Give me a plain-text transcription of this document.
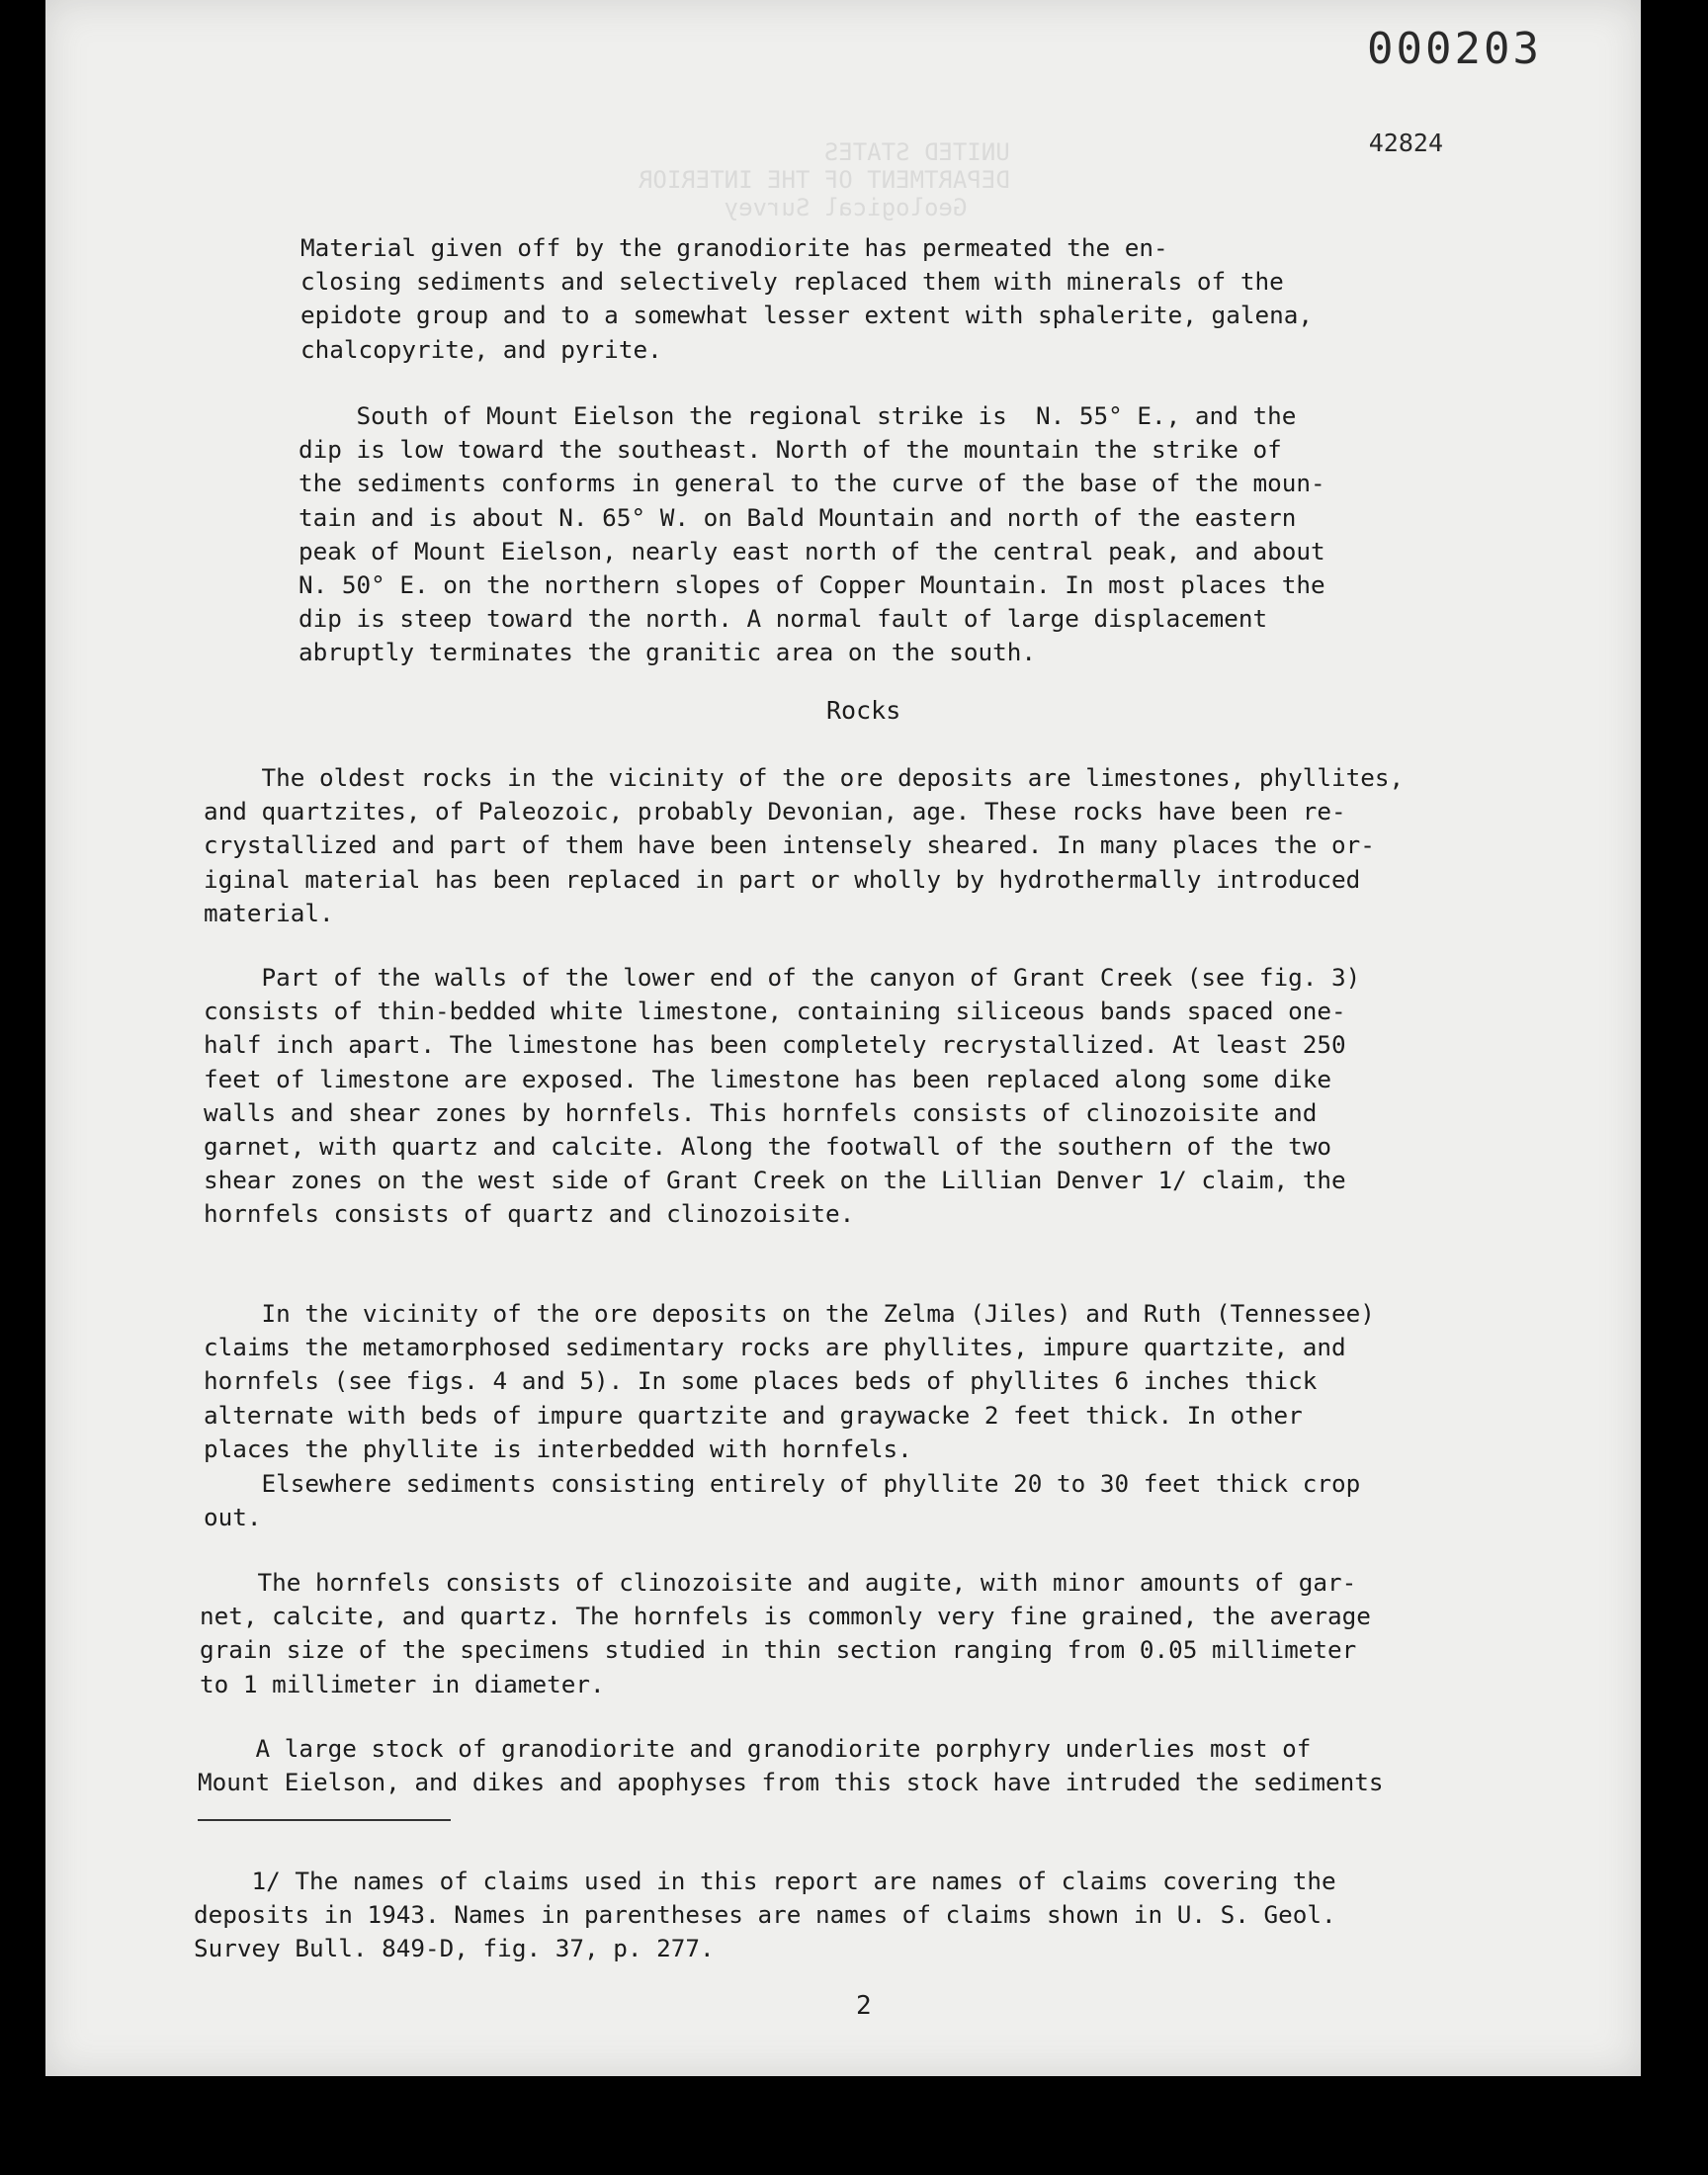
UNITED STATES
DEPARTMENT OF THE INTERIOR
Geological Survey
000203
42824

Material given off by the granodiorite has permeated the en-
closing sediments and selectively replaced them with minerals of the
epidote group and to a somewhat lesser extent with sphalerite, galena,
chalcopyrite, and pyrite.

South of Mount Eielson the regional strike is  N. 55° E., and the
dip is low toward the southeast. North of the mountain the strike of
the sediments conforms in general to the curve of the base of the moun-
tain and is about N. 65° W. on Bald Mountain and north of the eastern
peak of Mount Eielson, nearly east north of the central peak, and about
N. 50° E. on the northern slopes of Copper Mountain. In most places the
dip is steep toward the north. A normal fault of large displacement
abruptly terminates the granitic area on the south.

Rocks

The oldest rocks in the vicinity of the ore deposits are limestones, phyllites,
and quartzites, of Paleozoic, probably Devonian, age. These rocks have been re-
crystallized and part of them have been intensely sheared. In many places the or-
iginal material has been replaced in part or wholly by hydrothermally introduced
material.

Part of the walls of the lower end of the canyon of Grant Creek (see fig. 3)
consists of thin-bedded white limestone, containing siliceous bands spaced one-
half inch apart. The limestone has been completely recrystallized. At least 250
feet of limestone are exposed. The limestone has been replaced along some dike
walls and shear zones by hornfels. This hornfels consists of clinozoisite and
garnet, with quartz and calcite. Along the footwall of the southern of the two
shear zones on the west side of Grant Creek on the Lillian Denver 1/ claim, the
hornfels consists of quartz and clinozoisite.

In the vicinity of the ore deposits on the Zelma (Jiles) and Ruth (Tennessee)
claims the metamorphosed sedimentary rocks are phyllites, impure quartzite, and
hornfels (see figs. 4 and 5). In some places beds of phyllites 6 inches thick
alternate with beds of impure quartzite and graywacke 2 feet thick. In other
places the phyllite is interbedded with hornfels.

Elsewhere sediments consisting entirely of phyllite 20 to 30 feet thick crop
out.

The hornfels consists of clinozoisite and augite, with minor amounts of gar-
net, calcite, and quartz. The hornfels is commonly very fine grained, the average
grain size of the specimens studied in thin section ranging from 0.05 millimeter
to 1 millimeter in diameter.

A large stock of granodiorite and granodiorite porphyry underlies most of
Mount Eielson, and dikes and apophyses from this stock have intruded the sediments

1/ The names of claims used in this report are names of claims covering the
deposits in 1943. Names in parentheses are names of claims shown in U. S. Geol.
Survey Bull. 849-D, fig. 37, p. 277.

2
